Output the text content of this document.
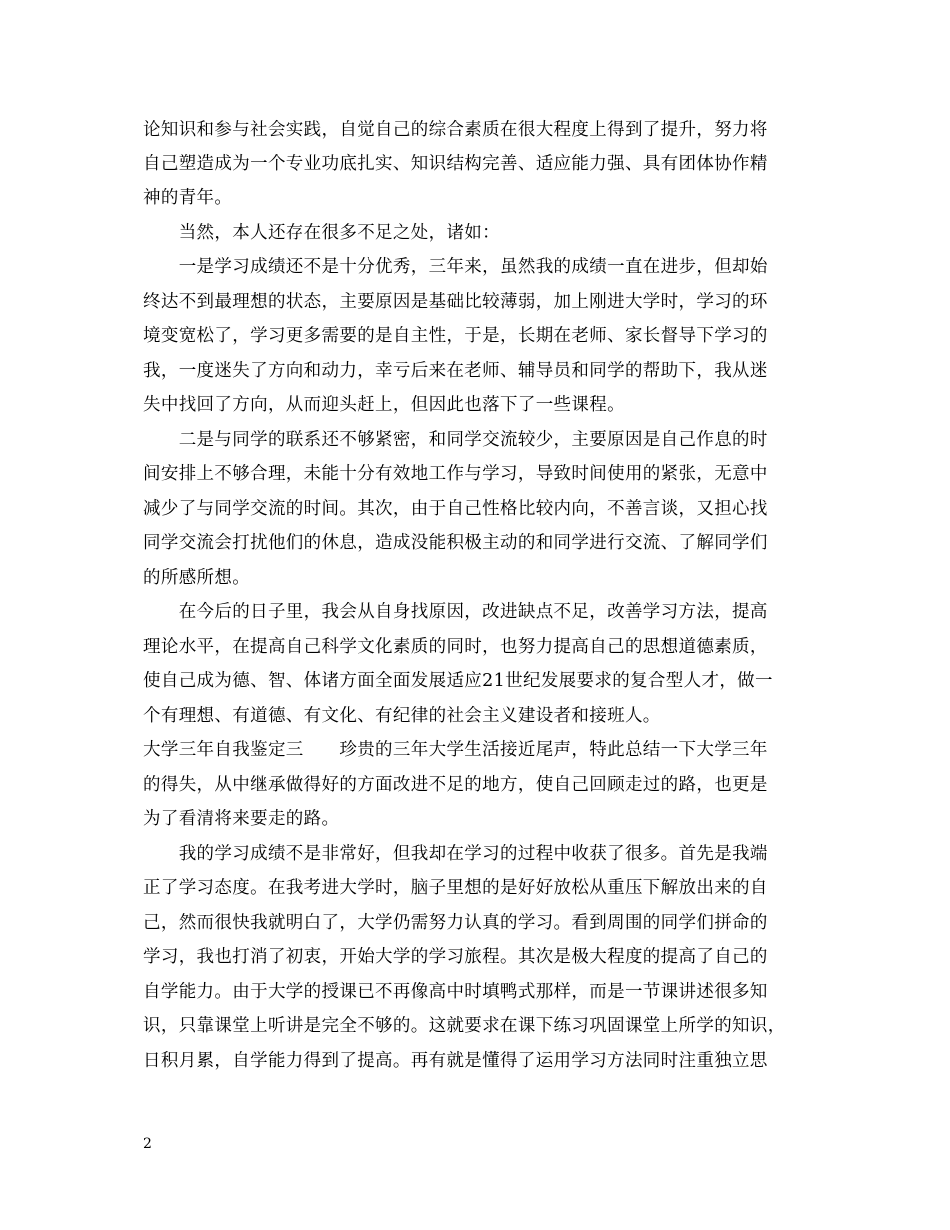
论知识和参与社会实践，自觉自己的综合素质在很大程度上得到了提升，努力将
自己塑造成为一个专业功底扎实、知识结构完善、适应能力强、具有团体协作精
神的青年。
　　当然，本人还存在很多不足之处，诸如：
　　一是学习成绩还不是十分优秀，三年来，虽然我的成绩一直在进步，但却始
终达不到最理想的状态，主要原因是基础比较薄弱，加上刚进大学时，学习的环
境变宽松了，学习更多需要的是自主性，于是，长期在老师、家长督导下学习的
我，一度迷失了方向和动力，幸亏后来在老师、辅导员和同学的帮助下，我从迷
失中找回了方向，从而迎头赶上，但因此也落下了一些课程。
　　二是与同学的联系还不够紧密，和同学交流较少，主要原因是自己作息的时
间安排上不够合理，未能十分有效地工作与学习，导致时间使用的紧张，无意中
减少了与同学交流的时间。其次，由于自己性格比较内向，不善言谈，又担心找
同学交流会打扰他们的休息，造成没能积极主动的和同学进行交流、了解同学们
的所感所想。
　　在今后的日子里，我会从自身找原因，改进缺点不足，改善学习方法，提高
理论水平，在提高自己科学文化素质的同时，也努力提高自己的思想道德素质，
使自己成为德、智、体诸方面全面发展适应21世纪发展要求的复合型人才，做一
个有理想、有道德、有文化、有纪律的社会主义建设者和接班人。
大学三年自我鉴定三　　珍贵的三年大学生活接近尾声，特此总结一下大学三年
的得失，从中继承做得好的方面改进不足的地方，使自己回顾走过的路，也更是
为了看清将来要走的路。
　　我的学习成绩不是非常好，但我却在学习的过程中收获了很多。首先是我端
正了学习态度。在我考进大学时，脑子里想的是好好放松从重压下解放出来的自
己，然而很快我就明白了，大学仍需努力认真的学习。看到周围的同学们拼命的
学习，我也打消了初衷，开始大学的学习旅程。其次是极大程度的提高了自己的
自学能力。由于大学的授课已不再像高中时填鸭式那样，而是一节课讲述很多知
识，只靠课堂上听讲是完全不够的。这就要求在课下练习巩固课堂上所学的知识，
日积月累，自学能力得到了提高。再有就是懂得了运用学习方法同时注重独立思
2
